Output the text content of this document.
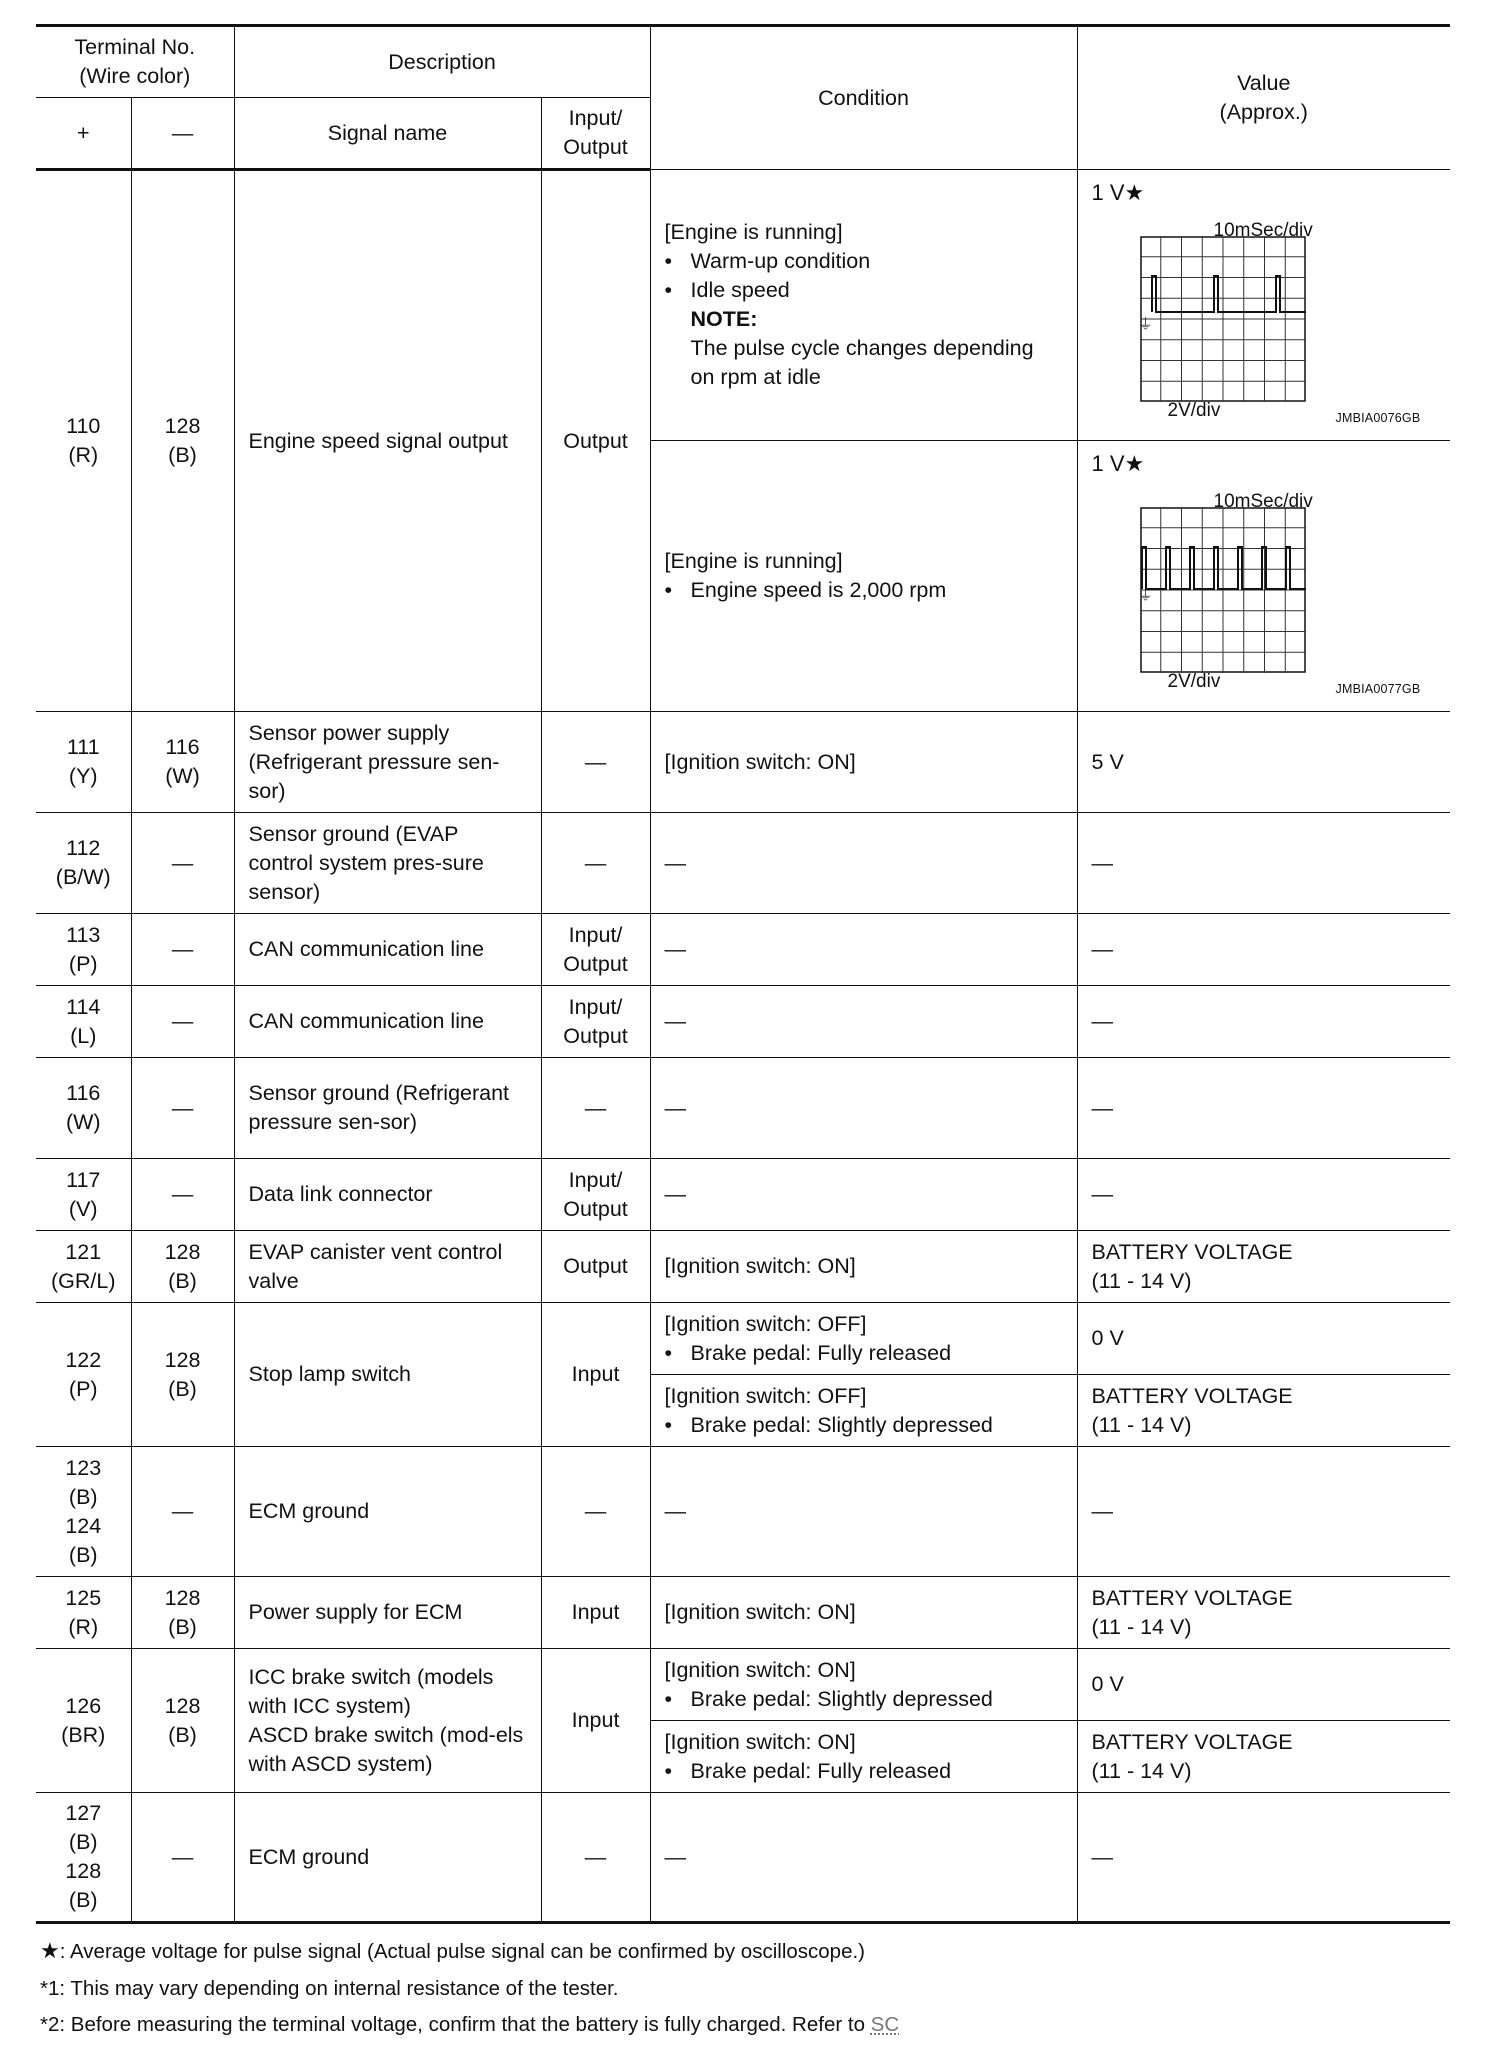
Terminal No.
(Wire color)		Description		Condition	Value
(Approx.)

+	—	Signal name	Input/
Output		

110
(R)	128
(B)	Engine speed signal output	Output	[Engine is running]
• Warm-up condition
• Idle speed
NOTE:
The pulse cycle changes depending on rpm at idle	1 V★
10mSec/div
⏚
2V/div JMBIA0076GB

				[Engine is running]
• Engine speed is 2,000 rpm	1 V★
10mSec/div
⏚
2V/div JMBIA0077GB

111
(Y)	116
(W)	Sensor power supply (Refrigerant pressure sen-sor)	—	[Ignition switch: ON]	5 V

112
(B/W)	—	Sensor ground (EVAP control system pres-sure sensor)	—	—	—

113
(P)	—	CAN communication line	Input/
Output	—	—

114
(L)	—	CAN communication line	Input/
Output	—	—

116
(W)	—	Sensor ground (Refrigerant pressure sen-sor)	—	—	—

117
(V)	—	Data link connector	Input/
Output	—	—

121
(GR/L)	128
(B)	EVAP canister vent control valve	Output	[Ignition switch: ON]	BATTERY VOLTAGE
(11 - 14 V)

122
(P)	128
(B)	Stop lamp switch	Input	[Ignition switch: OFF]
• Brake pedal: Fully released	0 V

				[Ignition switch: OFF]
• Brake pedal: Slightly depressed	BATTERY VOLTAGE
(11 - 14 V)

123
(B)
124
(B)	—	ECM ground	—	—	—

125
(R)	128
(B)	Power supply for ECM	Input	[Ignition switch: ON]	BATTERY VOLTAGE
(11 - 14 V)

126
(BR)	128
(B)	ICC brake switch (models with ICC system)
ASCD brake switch (mod-els with ASCD system)	Input	[Ignition switch: ON]
• Brake pedal: Slightly depressed	0 V

				[Ignition switch: ON]
• Brake pedal: Fully released	BATTERY VOLTAGE
(11 - 14 V)

127
(B)
128
(B)	—	ECM ground	—	—	—
★: Average voltage for pulse signal (Actual pulse signal can be confirmed by oscilloscope.)
*1: This may vary depending on internal resistance of the tester.
*2: Before measuring the terminal voltage, confirm that the battery is fully charged. Refer to SC
